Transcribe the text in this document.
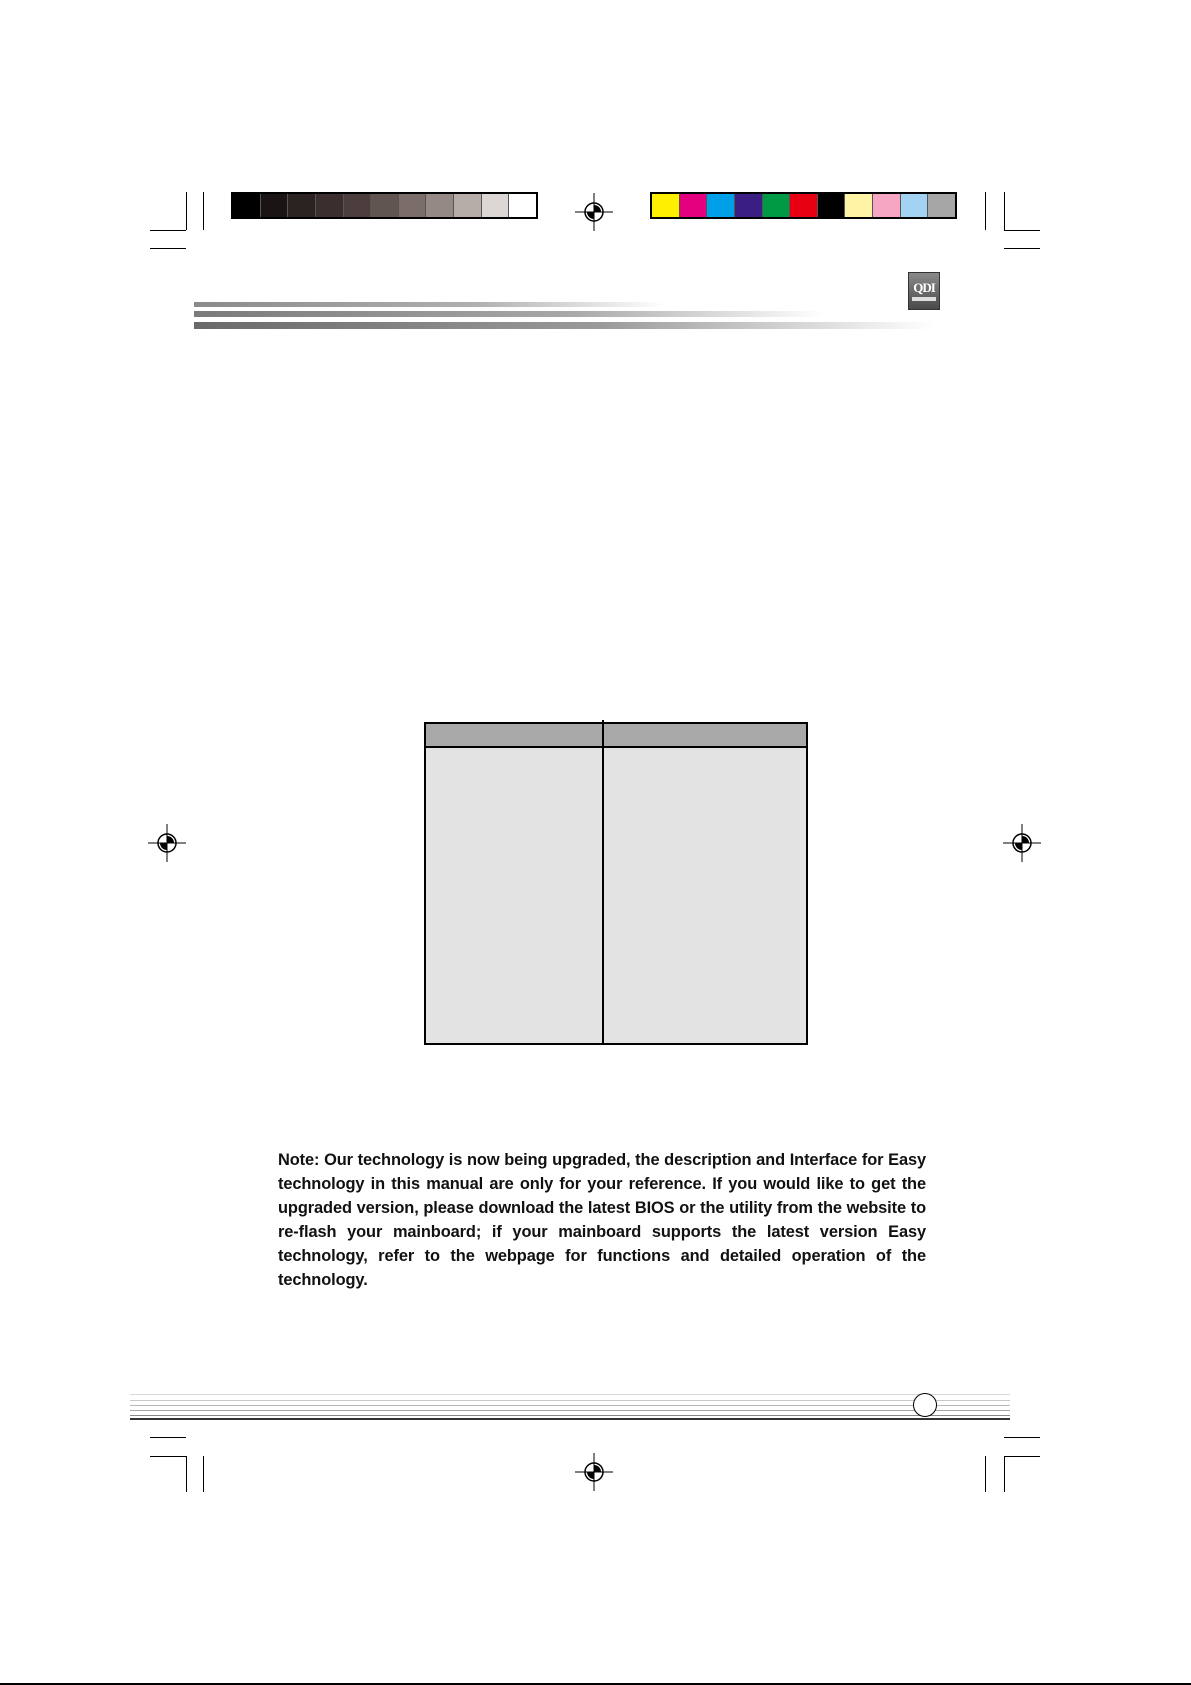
QDI
Note: Our technology is now being upgraded, the description and Interface for Easy technology in this manual are only for your reference. If you would like to get the upgraded version, please download the latest BIOS or the utility from the website to re-flash your mainboard; if your mainboard supports the latest version Easy technology, refer to the webpage for functions and detailed operation of the technology.
